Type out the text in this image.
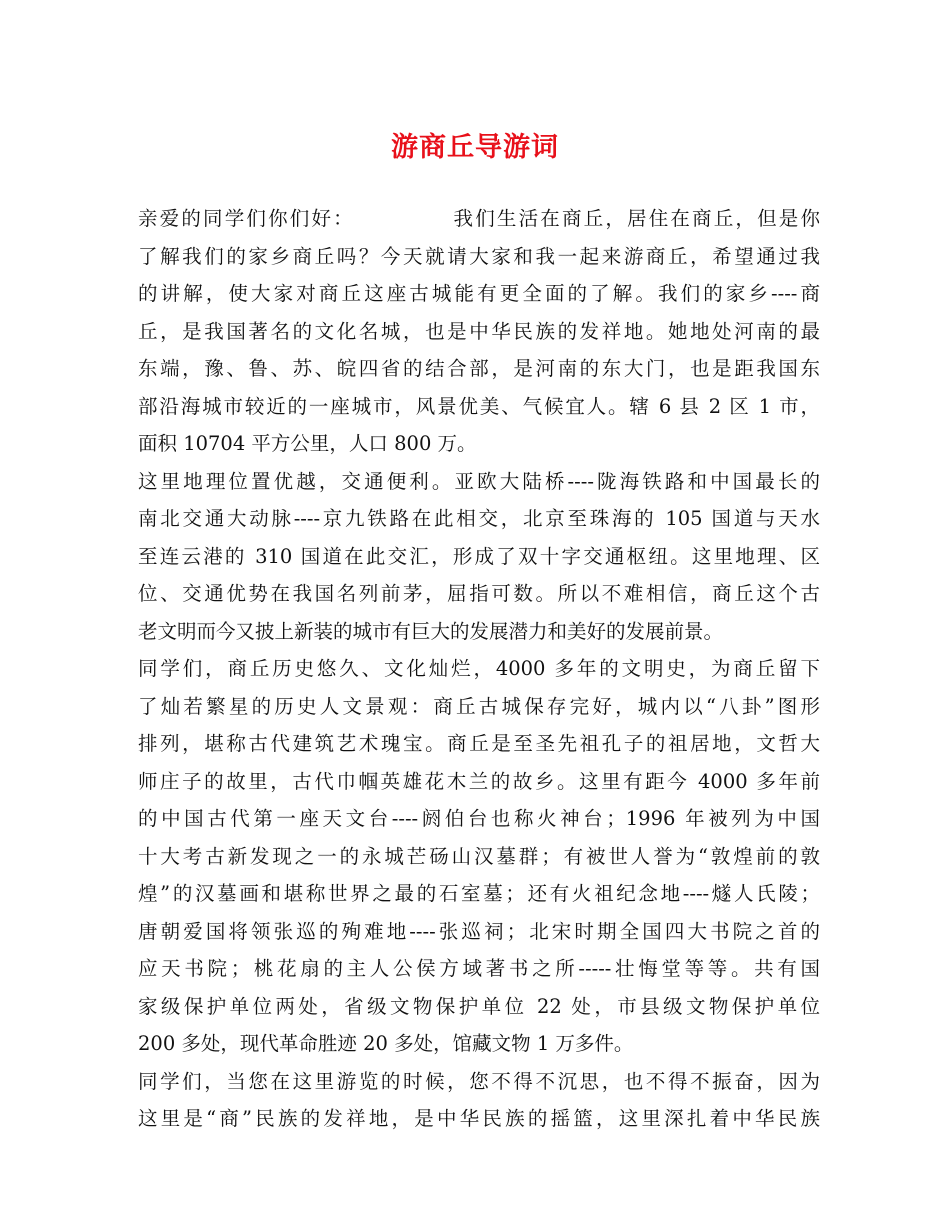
游商丘导游词
亲爱的同学们你们好：　　　　　我们生活在商丘，居住在商丘，但是你
了解我们的家乡商丘吗？今天就请大家和我一起来游商丘，希望通过我
的讲解，使大家对商丘这座古城能有更全面的了解。我们的家乡----商
丘，是我国著名的文化名城，也是中华民族的发祥地。她地处河南的最
东端，豫、鲁、苏、皖四省的结合部，是河南的东大门，也是距我国东
部沿海城市较近的一座城市，风景优美、气候宜人。辖 6 县 2 区 1 市，
面积 10704 平方公里，人口 800 万。
这里地理位置优越，交通便利。亚欧大陆桥----陇海铁路和中国最长的
南北交通大动脉----京九铁路在此相交，北京至珠海的 105 国道与天水
至连云港的 310 国道在此交汇，形成了双十字交通枢纽。这里地理、区
位、交通优势在我国名列前茅，屈指可数。所以不难相信，商丘这个古
老文明而今又披上新装的城市有巨大的发展潜力和美好的发展前景。
同学们，商丘历史悠久、文化灿烂，4000 多年的文明史，为商丘留下
了灿若繁星的历史人文景观：商丘古城保存完好，城内以“八卦”图形
排列，堪称古代建筑艺术瑰宝。商丘是至圣先祖孔子的祖居地，文哲大
师庄子的故里，古代巾帼英雄花木兰的故乡。这里有距今 4000 多年前
的中国古代第一座天文台----阏伯台也称火神台；1996 年被列为中国
十大考古新发现之一的永城芒砀山汉墓群；有被世人誉为“敦煌前的敦
煌”的汉墓画和堪称世界之最的石室墓；还有火祖纪念地----燧人氏陵；
唐朝爱国将领张巡的殉难地----张巡祠；北宋时期全国四大书院之首的
应天书院；桃花扇的主人公侯方域著书之所-----壮悔堂等等。共有国
家级保护单位两处，省级文物保护单位 22 处，市县级文物保护单位
200 多处，现代革命胜迹 20 多处，馆藏文物 1 万多件。
同学们，当您在这里游览的时候，您不得不沉思，也不得不振奋，因为
这里是“商”民族的发祥地，是中华民族的摇篮，这里深扎着中华民族
